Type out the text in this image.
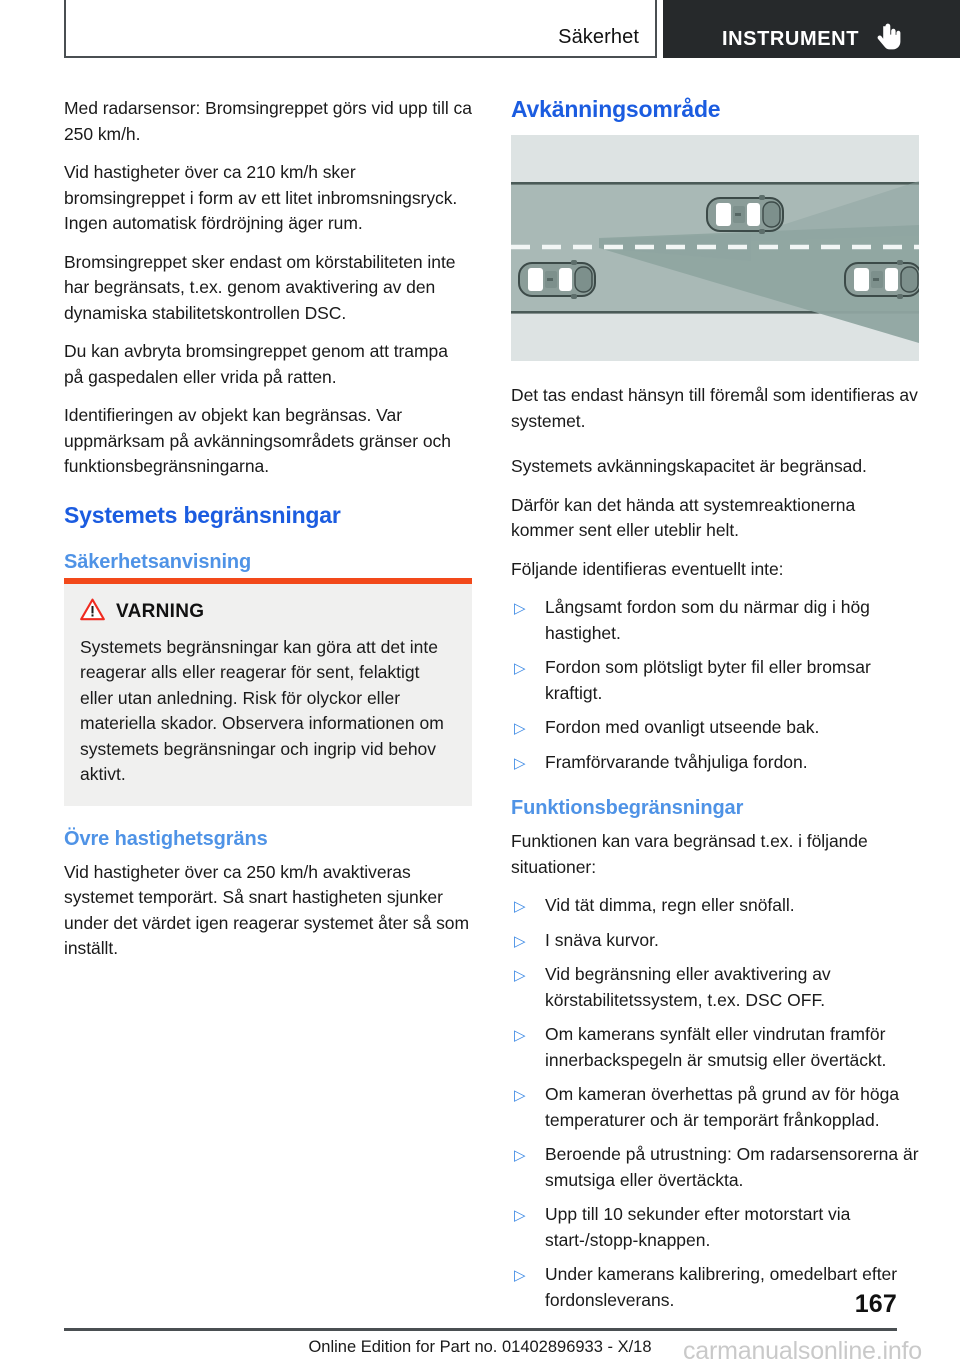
Säkerhet	INSTRUMENT

Med radarsensor: Bromsingreppet görs vid upp till ca 250 km/h.

Vid hastigheter över ca 210 km/h sker bromsingreppet i form av ett litet inbromsningsryck. Ingen automatisk fördröjning äger rum.

Bromsingreppet sker endast om körstabiliteten inte har begränsats, t.ex. genom avaktivering av den dynamiska stabilitetskontrollen DSC.

Du kan avbryta bromsingreppet genom att trampa på gaspedalen eller vrida på ratten.

Identifieringen av objekt kan begränsas. Var uppmärksam på avkänningsområdets gränser och funktionsbegränsningarna.

Systemets begränsningar
Säkerhetsanvisning
VARNING

Systemets begränsningar kan göra att det inte reagerar alls eller reagerar för sent, felaktigt eller utan anledning. Risk för olyckor eller materiella skador. Observera informationen om systemets begränsningar och ingrip vid behov aktivt.

Övre hastighetsgräns

Vid hastigheter över ca 250 km/h avaktiveras systemet temporärt. Så snart hastigheten sjunker under det värdet igen reagerar systemet åter så som inställt.

Avkänningsområde

Det tas endast hänsyn till föremål som identifieras av systemet.

Systemets avkänningskapacitet är begränsad.

Därför kan det hända att systemreaktionerna kommer sent eller uteblir helt.

Följande identifieras eventuellt inte:

▷ Långsamt fordon som du närmar dig i hög hastighet.
▷ Fordon som plötsligt byter fil eller bromsar kraftigt.
▷ Fordon med ovanligt utseende bak.
▷ Framförvarande tvåhjuliga fordon.
Funktionsbegränsningar

Funktionen kan vara begränsad t.ex. i följande situationer:

▷ Vid tät dimma, regn eller snöfall.
▷ I snäva kurvor.
▷ Vid begränsning eller avaktivering av körstabilitetssystem, t.ex. DSC OFF.
▷ Om kamerans synfält eller vindrutan framför innerbackspegeln är smutsig eller övertäckt.
▷ Om kameran överhettas på grund av för höga temperaturer och är temporärt frånkopplad.
▷ Beroende på utrustning: Om radarsensorerna är smutsiga eller övertäckta.
▷ Upp till 10 sekunder efter motorstart via start-/stopp-knappen.
▷ Under kamerans kalibrering, omedelbart efter fordonsleverans.	167
Online Edition for Part no. 01402896933 - X/18	carmanualsonline.info
